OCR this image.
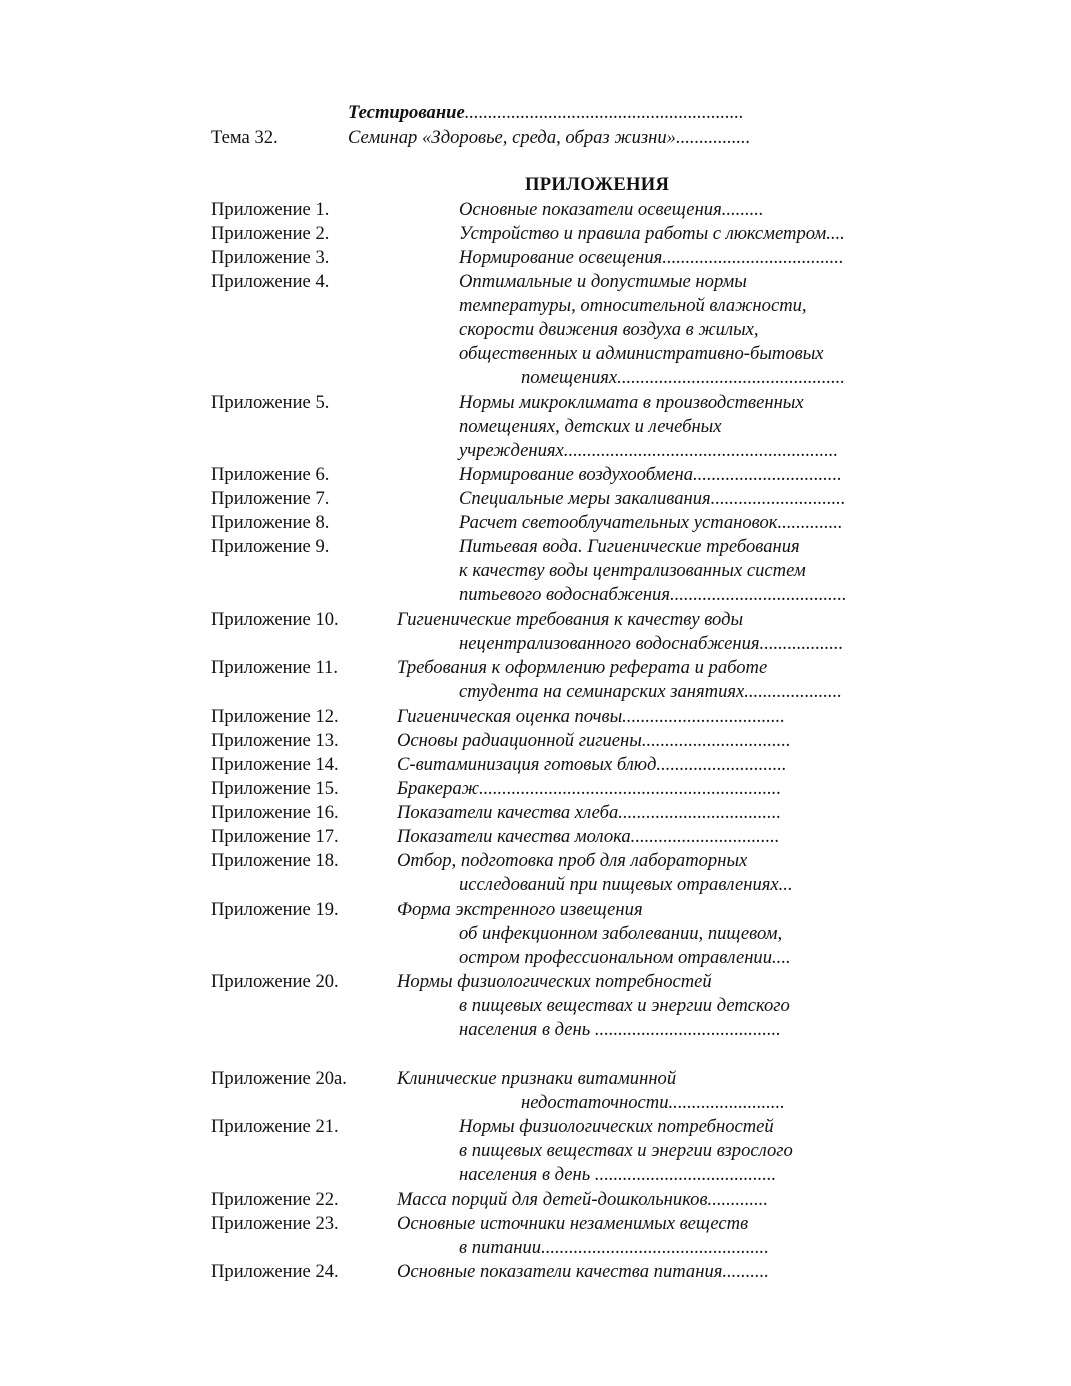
Тестирование............................................................
Тема 32.	Семинар «Здоровье, среда, образ жизни»................
ПРИЛОЖЕНИЯ
Приложение 1.	Основные показатели освещения.........
Приложение 2.	Устройство и правила работы с люксметром....
Приложение 3.	Нормирование освещения.......................................
Приложение 4.	Оптимальные и допустимые нормы
температуры, относительной влажности,
скорости движения воздуха в жилых,
общественных и административно-бытовых
помещениях.................................................
Приложение 5.	Нормы микроклимата в производственных
помещениях, детских и лечебных
учреждениях...........................................................
Приложение 6.	Нормирование воздухообмена................................
Приложение 7.	Специальные меры закаливания.............................
Приложение 8.	Расчет светооблучательных установок..............
Приложение 9.	Питьевая вода. Гигиенические требования
к качеству воды централизованных систем
питьевого водоснабжения......................................
Приложение 10.	Гигиенические требования к качеству воды
нецентрализованного водоснабжения..................
Приложение 11.	Требования к оформлению реферата и работе
студента на семинарских занятиях.....................
Приложение 12.	Гигиеническая оценка почвы...................................
Приложение 13.	Основы радиационной гигиены................................
Приложение 14.	С-витаминизация готовых блюд............................
Приложение 15.	Бракераж.................................................................
Приложение 16.	Показатели качества хлеба...................................
Приложение 17.	Показатели качества молока................................
Приложение 18.	Отбор, подготовка проб для лабораторных
исследований при пищевых отравлениях...
Приложение 19.	Форма экстренного извещения
об инфекционном заболевании, пищевом,
остром профессиональном отравлении....
Приложение 20.	Нормы физиологических потребностей
в пищевых веществах и энергии детского
населения в день ........................................
Приложение 20а.	Клинические признаки витаминной
недостаточности.........................
Приложение 21.	Нормы физиологических потребностей
в пищевых веществах и энергии взрослого
населения в день .......................................
Приложение 22.	Масса порций для детей-дошкольников.............
Приложение 23.	Основные источники незаменимых веществ
в питании.................................................
Приложение 24.	Основные показатели качества питания..........
